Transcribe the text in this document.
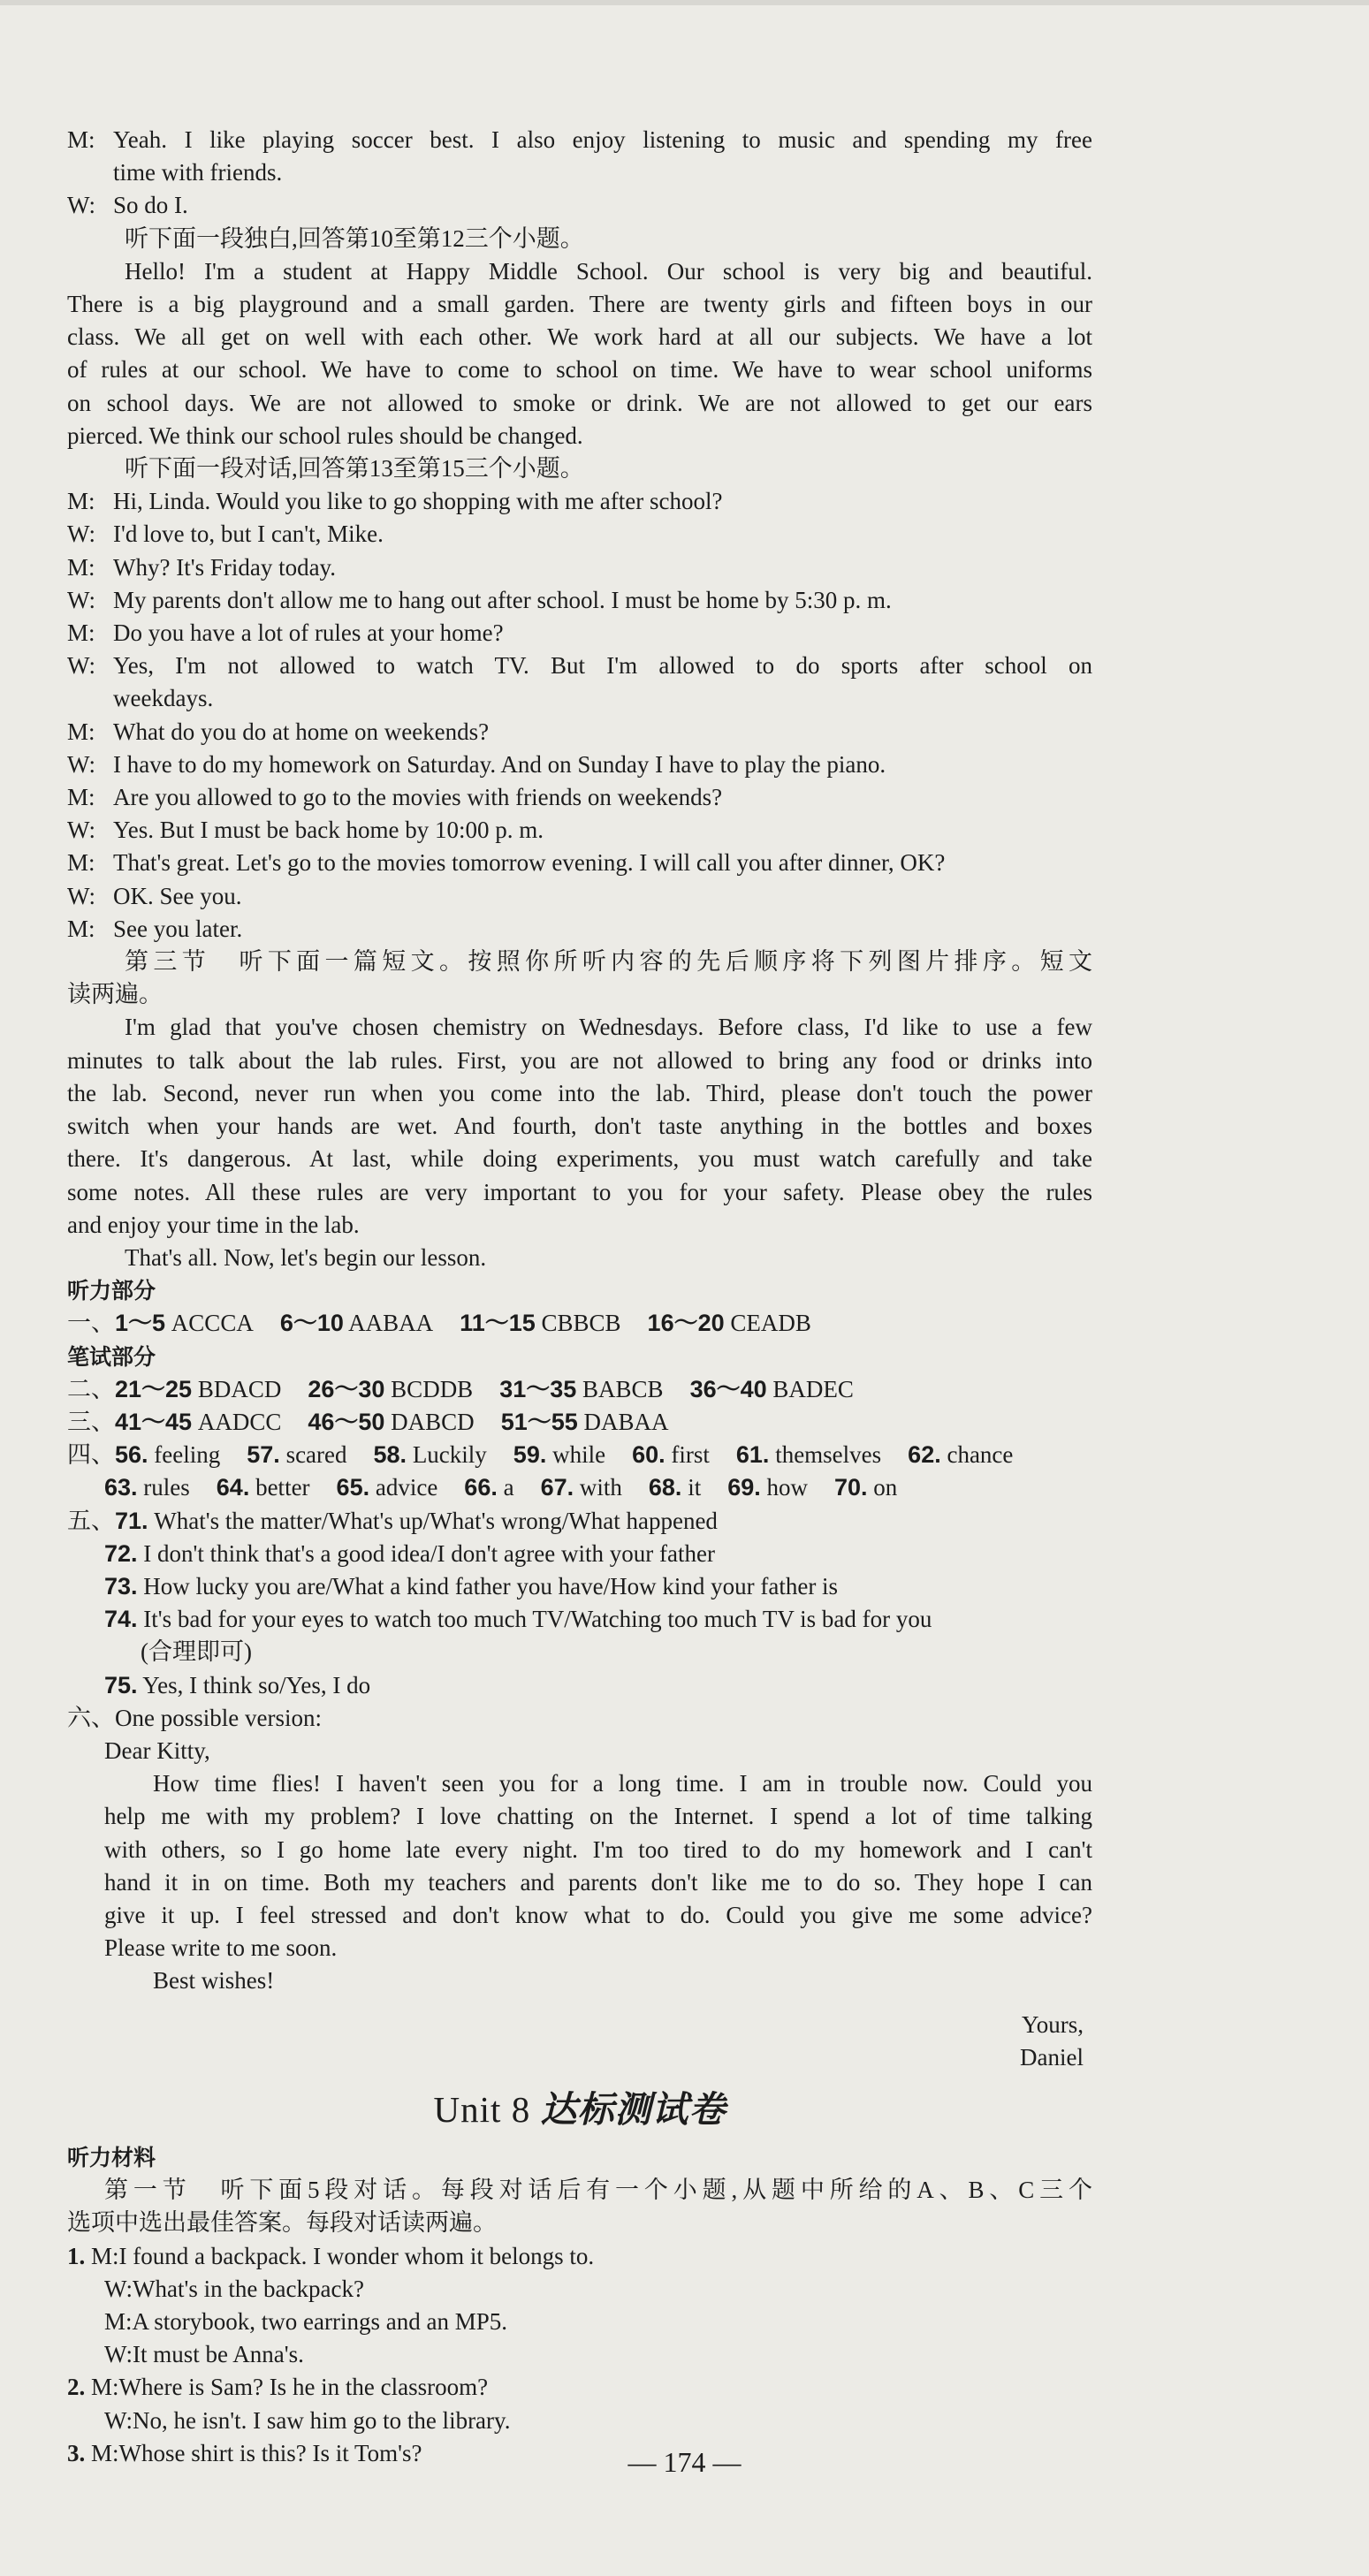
M: Yeah. I like playing soccer best. I also enjoy listening to music and spending my free
time with friends.
W: So do I.
听下面一段独白,回答第10至第12三个小题。
Hello! I'm a student at Happy Middle School. Our school is very big and beautiful.
There is a big playground and a small garden. There are twenty girls and fifteen boys in our
class. We all get on well with each other. We work hard at all our subjects. We have a lot
of rules at our school. We have to come to school on time. We have to wear school uniforms
on school days. We are not allowed to smoke or drink. We are not allowed to get our ears
pierced. We think our school rules should be changed.
听下面一段对话,回答第13至第15三个小题。
M: Hi, Linda. Would you like to go shopping with me after school?
W: I'd love to, but I can't, Mike.
M: Why? It's Friday today.
W: My parents don't allow me to hang out after school. I must be home by 5:30 p. m.
M: Do you have a lot of rules at your home?
W: Yes, I'm not allowed to watch TV. But I'm allowed to do sports after school on
weekdays.
M: What do you do at home on weekends?
W: I have to do my homework on Saturday. And on Sunday I have to play the piano.
M: Are you allowed to go to the movies with friends on weekends?
W: Yes. But I must be back home by 10:00 p. m.
M: That's great. Let's go to the movies tomorrow evening. I will call you after dinner, OK?
W: OK. See you.
M: See you later.
第三节　听下面一篇短文。按照你所听内容的先后顺序将下列图片排序。短文
读两遍。
I'm glad that you've chosen chemistry on Wednesdays. Before class, I'd like to use a few
minutes to talk about the lab rules. First, you are not allowed to bring any food or drinks into
the lab. Second, never run when you come into the lab. Third, please don't touch the power
switch when your hands are wet. And fourth, don't taste anything in the bottles and boxes
there. It's dangerous. At last, while doing experiments, you must watch carefully and take
some notes. All these rules are very important to you for your safety. Please obey the rules
and enjoy your time in the lab.
That's all. Now, let's begin our lesson.
听力部分
一、1～5 ACCCA 6～10 AABAA 11～15 CBBCB 16～20 CEADB
笔试部分
二、21～25 BDACD 26～30 BCDDB 31～35 BABCB 36～40 BADEC
三、41～45 AADCC 46～50 DABCD 51～55 DABAA
四、56. feeling 57. scared 58. Luckily 59. while 60. first 61. themselves 62. chance
63. rules 64. better 65. advice 66. a 67. with 68. it 69. how 70. on
五、71. What's the matter/What's up/What's wrong/What happened
72. I don't think that's a good idea/I don't agree with your father
73. How lucky you are/What a kind father you have/How kind your father is
74. It's bad for your eyes to watch too much TV/Watching too much TV is bad for you
(合理即可)
75. Yes, I think so/Yes, I do
六、One possible version:
Dear Kitty,
How time flies! I haven't seen you for a long time. I am in trouble now. Could you
help me with my problem? I love chatting on the Internet. I spend a lot of time talking
with others, so I go home late every night. I'm too tired to do my homework and I can't
hand it in on time. Both my teachers and parents don't like me to do so. They hope I can
give it up. I feel stressed and don't know what to do. Could you give me some advice?
Please write to me soon.
Best wishes!
Yours,
Daniel
Unit 8 达标测试卷
听力材料
第一节　听下面5段对话。每段对话后有一个小题,从题中所给的A、B、C三个
选项中选出最佳答案。每段对话读两遍。
1. M:I found a backpack. I wonder whom it belongs to.
W:What's in the backpack?
M:A storybook, two earrings and an MP5.
W:It must be Anna's.
2. M:Where is Sam? Is he in the classroom?
W:No, he isn't. I saw him go to the library.
3. M:Whose shirt is this? Is it Tom's?	— 174 —
